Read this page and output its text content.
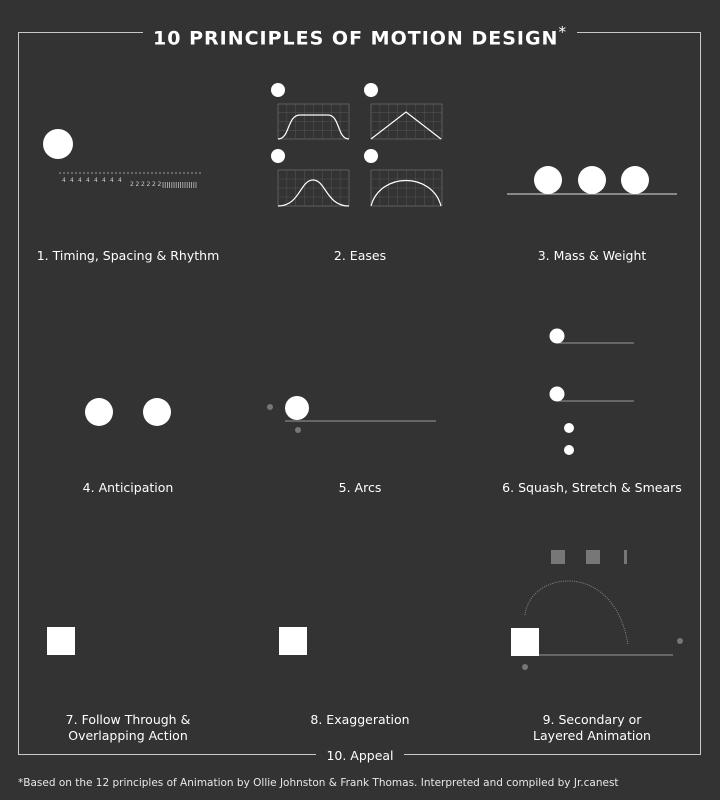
10 PRINCIPLES OF MOTION DESIGN*
4 4 4 4 4 4 4 4
2 2 2 2 2 2
1. Timing, Spacing & Rhythm	2. Eases	3. Mass & Weight
4. Anticipation	5. Arcs	6. Squash, Stretch & Smears
7. Follow Through &
Overlapping Action
8. Exaggeration	9. Secondary or
Layered Animation
10. Appeal
*Based on the 12 principles of Animation by Ollie Johnston & Frank Thomas. Interpreted and compiled by Jr.canest
